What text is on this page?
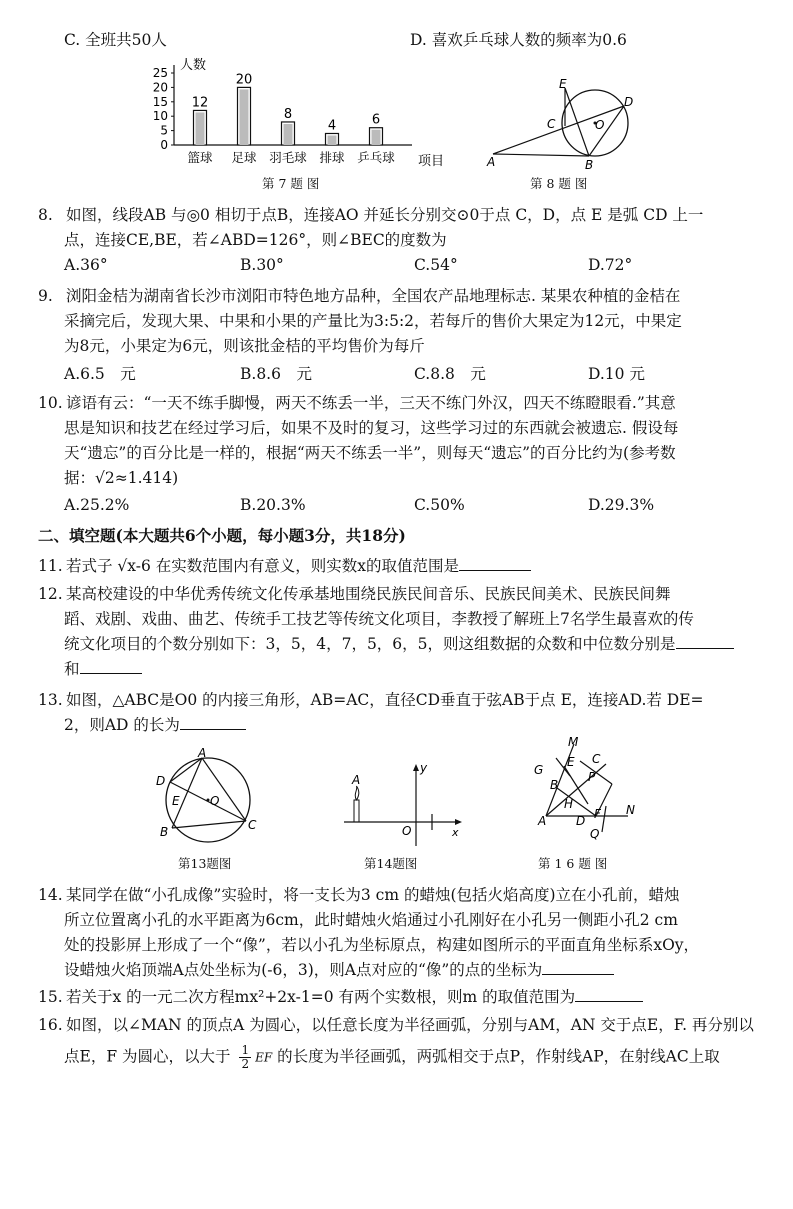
C. 全班共50人	D. 喜欢乒乓球人数的频率为0.6
0
5
10
15
20
25
12
篮球
20
足球
8
羽毛球
4
排球
6
乒乓球
人数
项目
第 7 题 图
E
D
C	O
A	B
第 8 题 图
8. 如图，线段AB 与◎0 相切于点B，连接AO 并延长分别交⊙0于点 C，D，点 E 是弧 CD 上一
点，连接CE,BE，若∠ABD=126°，则∠BEC的度数为
A.36°	B.30°	C.54°	D.72°
9. 浏阳金桔为湖南省长沙市浏阳市特色地方品种，全国农产品地理标志. 某果农种植的金桔在
采摘完后，发现大果、中果和小果的产量比为3:5:2，若每斤的售价大果定为12元，中果定
为8元，小果定为6元，则该批金桔的平均售价为每斤
A.6.5　元	B.8.6　元	C.8.8　元	D.10 元
10. 谚语有云：“一天不练手脚慢，两天不练丢一半，三天不练门外汉，四天不练瞪眼看.”其意
思是知识和技艺在经过学习后，如果不及时的复习，这些学习过的东西就会被遗忘. 假设每
天“遗忘”的百分比是一样的，根据“两天不练丢一半”，则每天“遗忘”的百分比约为(参考数
据：√2≈1.414)
A.25.2%	B.20.3%	C.50%	D.29.3%
二、填空题(本大题共6个小题，每小题3分，共18分)
11. 若式子 √x-6 在实数范围内有意义，则实数x的取值范围是
12. 某高校建设的中华优秀传统文化传承基地围绕民族民间音乐、民族民间美术、民族民间舞
蹈、戏剧、戏曲、曲艺、传统手工技艺等传统文化项目，李教授了解班上7名学生最喜欢的传
统文化项目的个数分别如下：3，5，4，7，5，6，5，则这组数据的众数和中位数分别是
和
13. 如图，△ABC是O0 的内接三角形，AB=AC，直径CD垂直于弦AB于点 E，连接AD.若 DE=
2，则AD 的长为
A
D
E	O
B	C
第13题图
A
y
O	x
第14题图
M
G
E C
P
B
H
A D F N
Q
第 1 6 题 图
14. 某同学在做“小孔成像”实验时，将一支长为3 cm 的蜡烛(包括火焰高度)立在小孔前，蜡烛
所立位置离小孔的水平距离为6cm，此时蜡烛火焰通过小孔刚好在小孔另一侧距小孔2 cm
处的投影屏上形成了一个“像”，若以小孔为坐标原点，构建如图所示的平面直角坐标系xOy，
设蜡烛火焰顶端A点处坐标为(-6，3)，则A点对应的“像”的点的坐标为
15. 若关于x 的一元二次方程mx²+2x-1=0 有两个实数根，则m 的取值范围为
16. 如图，以∠MAN 的顶点A 为圆心，以任意长度为半径画弧，分别与AM，AN 交于点E，F. 再分别以
点E，F 为圆心，以大于 $\frac{1}{2}$ EF 的长度为半径画弧，两弧相交于点P，作射线AP，在射线AC上取
